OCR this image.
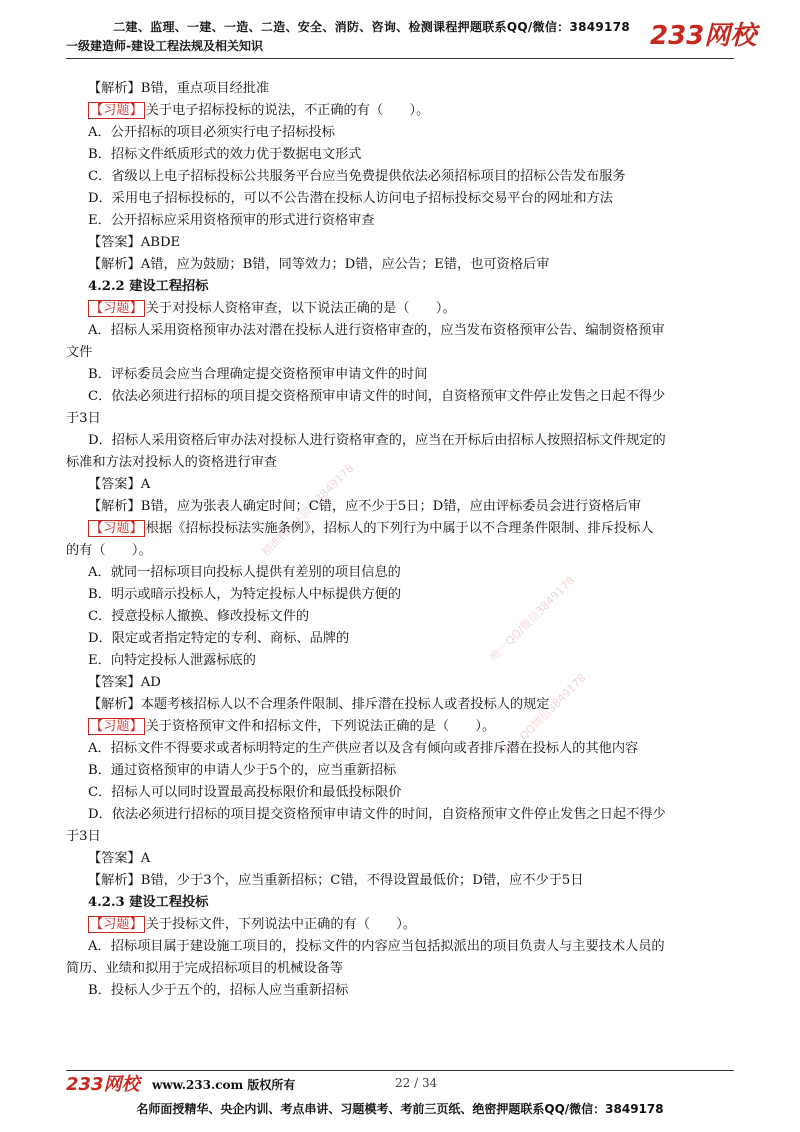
二建、监理、一建、一造、二造、安全、消防、咨询、检测课程押题联系QQ/微信：3849178
一级建造师-建设工程法规及相关知识	233网校
精准押题+微信3849178
唯一QQ微信3849178
唯一QQ/微信3849178
【解析】B错，重点项目经批准
【习题】 关于电子招标投标的说法，不正确的有（　　）。
A．公开招标的项目必须实行电子招标投标
B．招标文件纸质形式的效力优于数据电文形式
C．省级以上电子招标投标公共服务平台应当免费提供依法必须招标项目的招标公告发布服务
D．采用电子招标投标的，可以不公告潜在投标人访问电子招标投标交易平台的网址和方法
E．公开招标应采用资格预审的形式进行资格审查
【答案】ABDE
【解析】A错，应为鼓励；B错，同等效力；D错，应公告；E错，也可资格后审
4.2.2 建设工程招标
【习题】 关于对投标人资格审查，以下说法正确的是（　　）。
A．招标人采用资格预审办法对潜在投标人进行资格审查的，应当发布资格预审公告、编制资格预审
文件
B．评标委员会应当合理确定提交资格预审申请文件的时间
C．依法必须进行招标的项目提交资格预审申请文件的时间，自资格预审文件停止发售之日起不得少
于3日
D．招标人采用资格后审办法对投标人进行资格审查的，应当在开标后由招标人按照招标文件规定的
标准和方法对投标人的资格进行审查
【答案】A
【解析】B错，应为张表人确定时间；C错，应不少于5日；D错，应由评标委员会进行资格后审
【习题】 根据《招标投标法实施条例》，招标人的下列行为中属于以不合理条件限制、排斥投标人
的有（　　）。
A．就同一招标项目向投标人提供有差别的项目信息的
B．明示或暗示投标人，为特定投标人中标提供方便的
C．授意投标人撤换、修改投标文件的
D．限定或者指定特定的专利、商标、品牌的
E．向特定投标人泄露标底的
【答案】AD
【解析】本题考核招标人以不合理条件限制、排斥潜在投标人或者投标人的规定
【习题】 关于资格预审文件和招标文件，下列说法正确的是（　　）。
A．招标文件不得要求或者标明特定的生产供应者以及含有倾向或者排斥潜在投标人的其他内容
B．通过资格预审的申请人少于5个的，应当重新招标
C．招标人可以同时设置最高投标限价和最低投标限价
D．依法必须进行招标的项目提交资格预审申请文件的时间，自资格预审文件停止发售之日起不得少
于3日
【答案】A
【解析】B错，少于3个，应当重新招标；C错，不得设置最低价；D错，应不少于5日
4.2.3 建设工程投标
【习题】 关于投标文件，下列说法中正确的有（　　）。
A．招标项目属于建设施工项目的，投标文件的内容应当包括拟派出的项目负责人与主要技术人员的
简历、业绩和拟用于完成招标项目的机械设备等
B．投标人少于五个的，招标人应当重新招标
233网校 www.233.com 版权所有	22 / 34
名师面授精华、央企内训、考点串讲、习题模考、考前三页纸、绝密押题联系QQ/微信：3849178
